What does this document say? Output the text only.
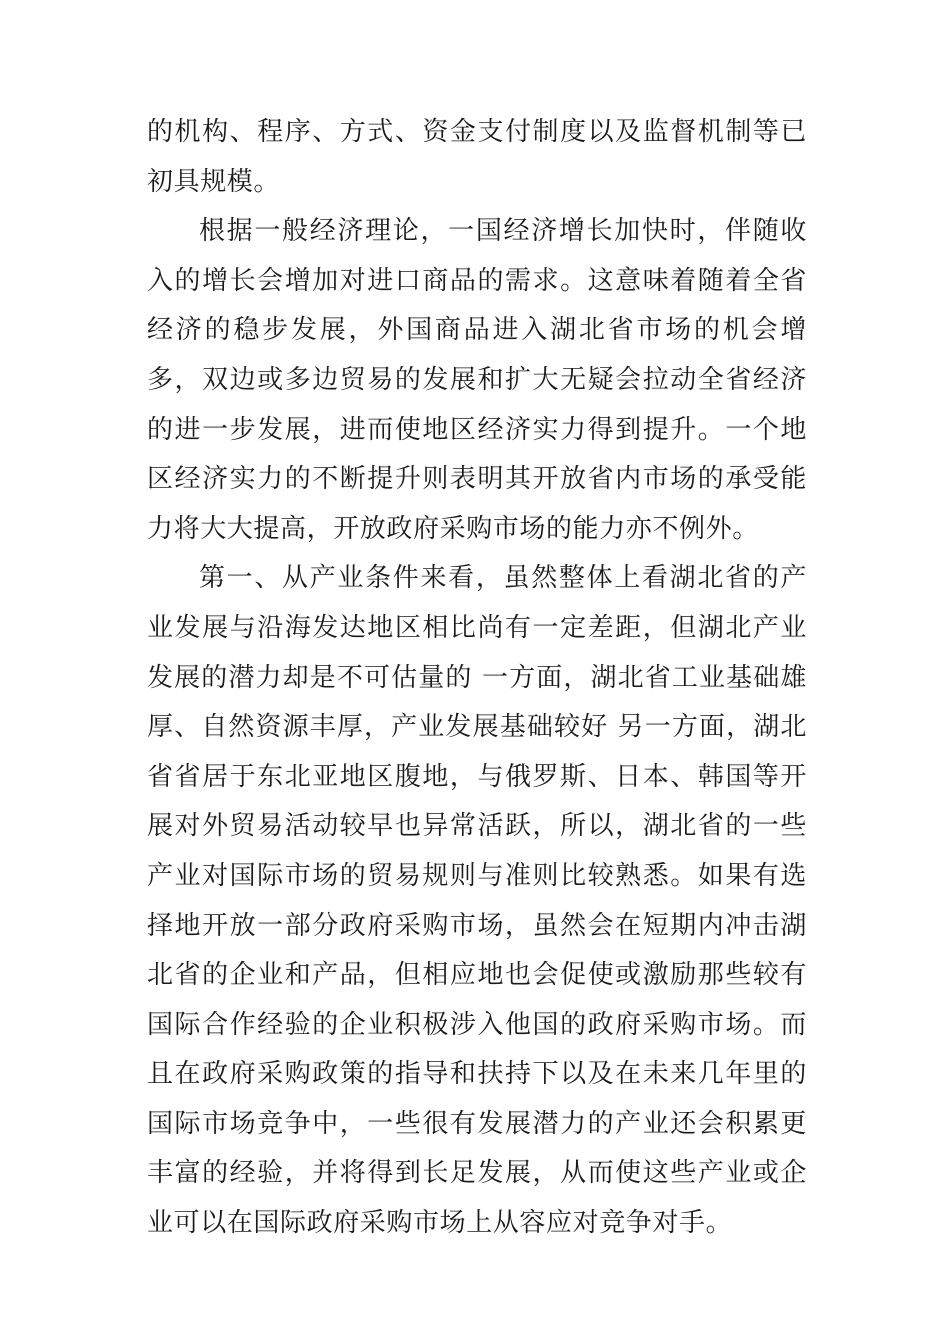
的机构、程序、方式、资金支付制度以及监督机制等已初具规模。

根据一般经济理论，一国经济增长加快时，伴随收入的增长会增加对进口商品的需求。这意味着随着全省经济的稳步发展，外国商品进入湖北省市场的机会增多，双边或多边贸易的发展和扩大无疑会拉动全省经济的进一步发展，进而使地区经济实力得到提升。一个地区经济实力的不断提升则表明其开放省内市场的承受能力将大大提高，开放政府采购市场的能力亦不例外。

第一、从产业条件来看，虽然整体上看湖北省的产业发展与沿海发达地区相比尚有一定差距，但湖北产业发展的潜力却是不可估量的 一方面，湖北省工业基础雄厚、自然资源丰厚，产业发展基础较好 另一方面，湖北省省居于东北亚地区腹地，与俄罗斯、日本、韩国等开展对外贸易活动较早也异常活跃，所以，湖北省的一些产业对国际市场的贸易规则与准则比较熟悉。如果有选择地开放一部分政府采购市场，虽然会在短期内冲击湖北省的企业和产品，但相应地也会促使或激励那些较有国际合作经验的企业积极涉入他国的政府采购市场。而且在政府采购政策的指导和扶持下以及在未来几年里的国际市场竞争中，一些很有发展潜力的产业还会积累更丰富的经验，并将得到长足发展，从而使这些产业或企业可以在国际政府采购市场上从容应对竞争对手。
